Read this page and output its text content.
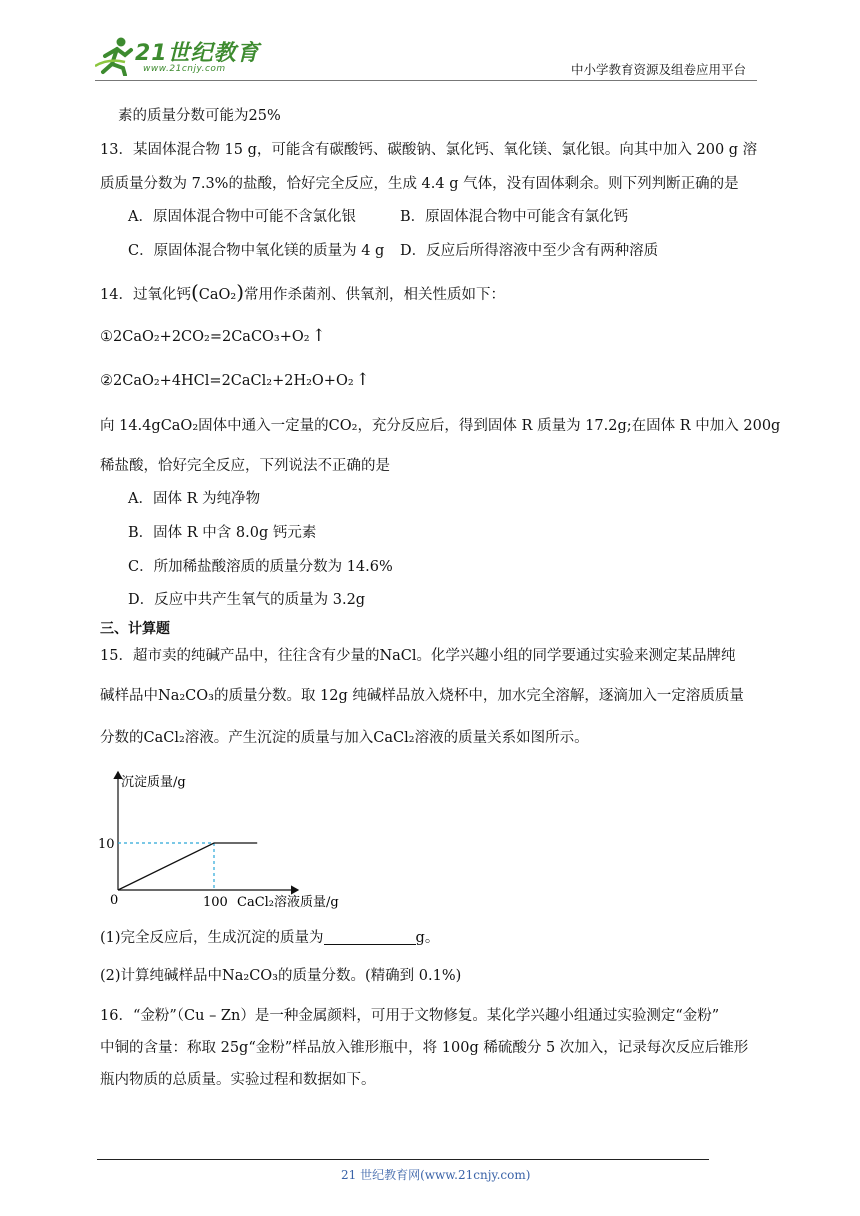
21世纪教育
www.21cnjy.com	中小学教育资源及组卷应用平台
素的质量分数可能为25%
13．某固体混合物 15 g，可能含有碳酸钙、碳酸钠、氯化钙、氧化镁、氯化银。向其中加入 200 g 溶
质质量分数为 7.3%的盐酸，恰好完全反应，生成 4.4 g 气体，没有固体剩余。则下列判断正确的是
A．原固体混合物中可能不含氯化银	B．原固体混合物中可能含有氯化钙
C．原固体混合物中氧化镁的质量为 4 g D．反应后所得溶液中至少含有两种溶质
14．过氧化钙(CaO₂)常用作杀菌剂、供氧剂，相关性质如下：
①2CaO₂+2CO₂=2CaCO₃+O₂ ↑
②2CaO₂+4HCl=2CaCl₂+2H₂O+O₂ ↑
向 14.4gCaO₂固体中通入一定量的CO₂，充分反应后，得到固体 R 质量为 17.2g;在固体 R 中加入 200g
稀盐酸，恰好完全反应，下列说法不正确的是
A．固体 R 为纯净物
B．固体 R 中含 8.0g 钙元素
C．所加稀盐酸溶质的质量分数为 14.6%
D．反应中共产生氧气的质量为 3.2g
三、计算题
15．超市卖的纯碱产品中，往往含有少量的NaCl。化学兴趣小组的同学要通过实验来测定某品牌纯
碱样品中Na₂CO₃的质量分数。取 12g 纯碱样品放入烧杯中，加水完全溶解，逐滴加入一定溶质质量
分数的CaCl₂溶液。产生沉淀的质量与加入CaCl₂溶液的质量关系如图所示。
沉淀质量/g
CaCl₂溶液质量/g
0	100
10
(1)完全反应后，生成沉淀的质量为	g。
(2)计算纯碱样品中Na₂CO₃的质量分数。(精确到 0.1%)
16．“金粉”（Cu – Zn）是一种金属颜料，可用于文物修复。某化学兴趣小组通过实验测定“金粉”
中铜的含量：称取 25g“金粉”样品放入锥形瓶中，将 100g 稀硫酸分 5 次加入，记录每次反应后锥形
瓶内物质的总质量。实验过程和数据如下。
21 世纪教育网(www.21cnjy.com)
